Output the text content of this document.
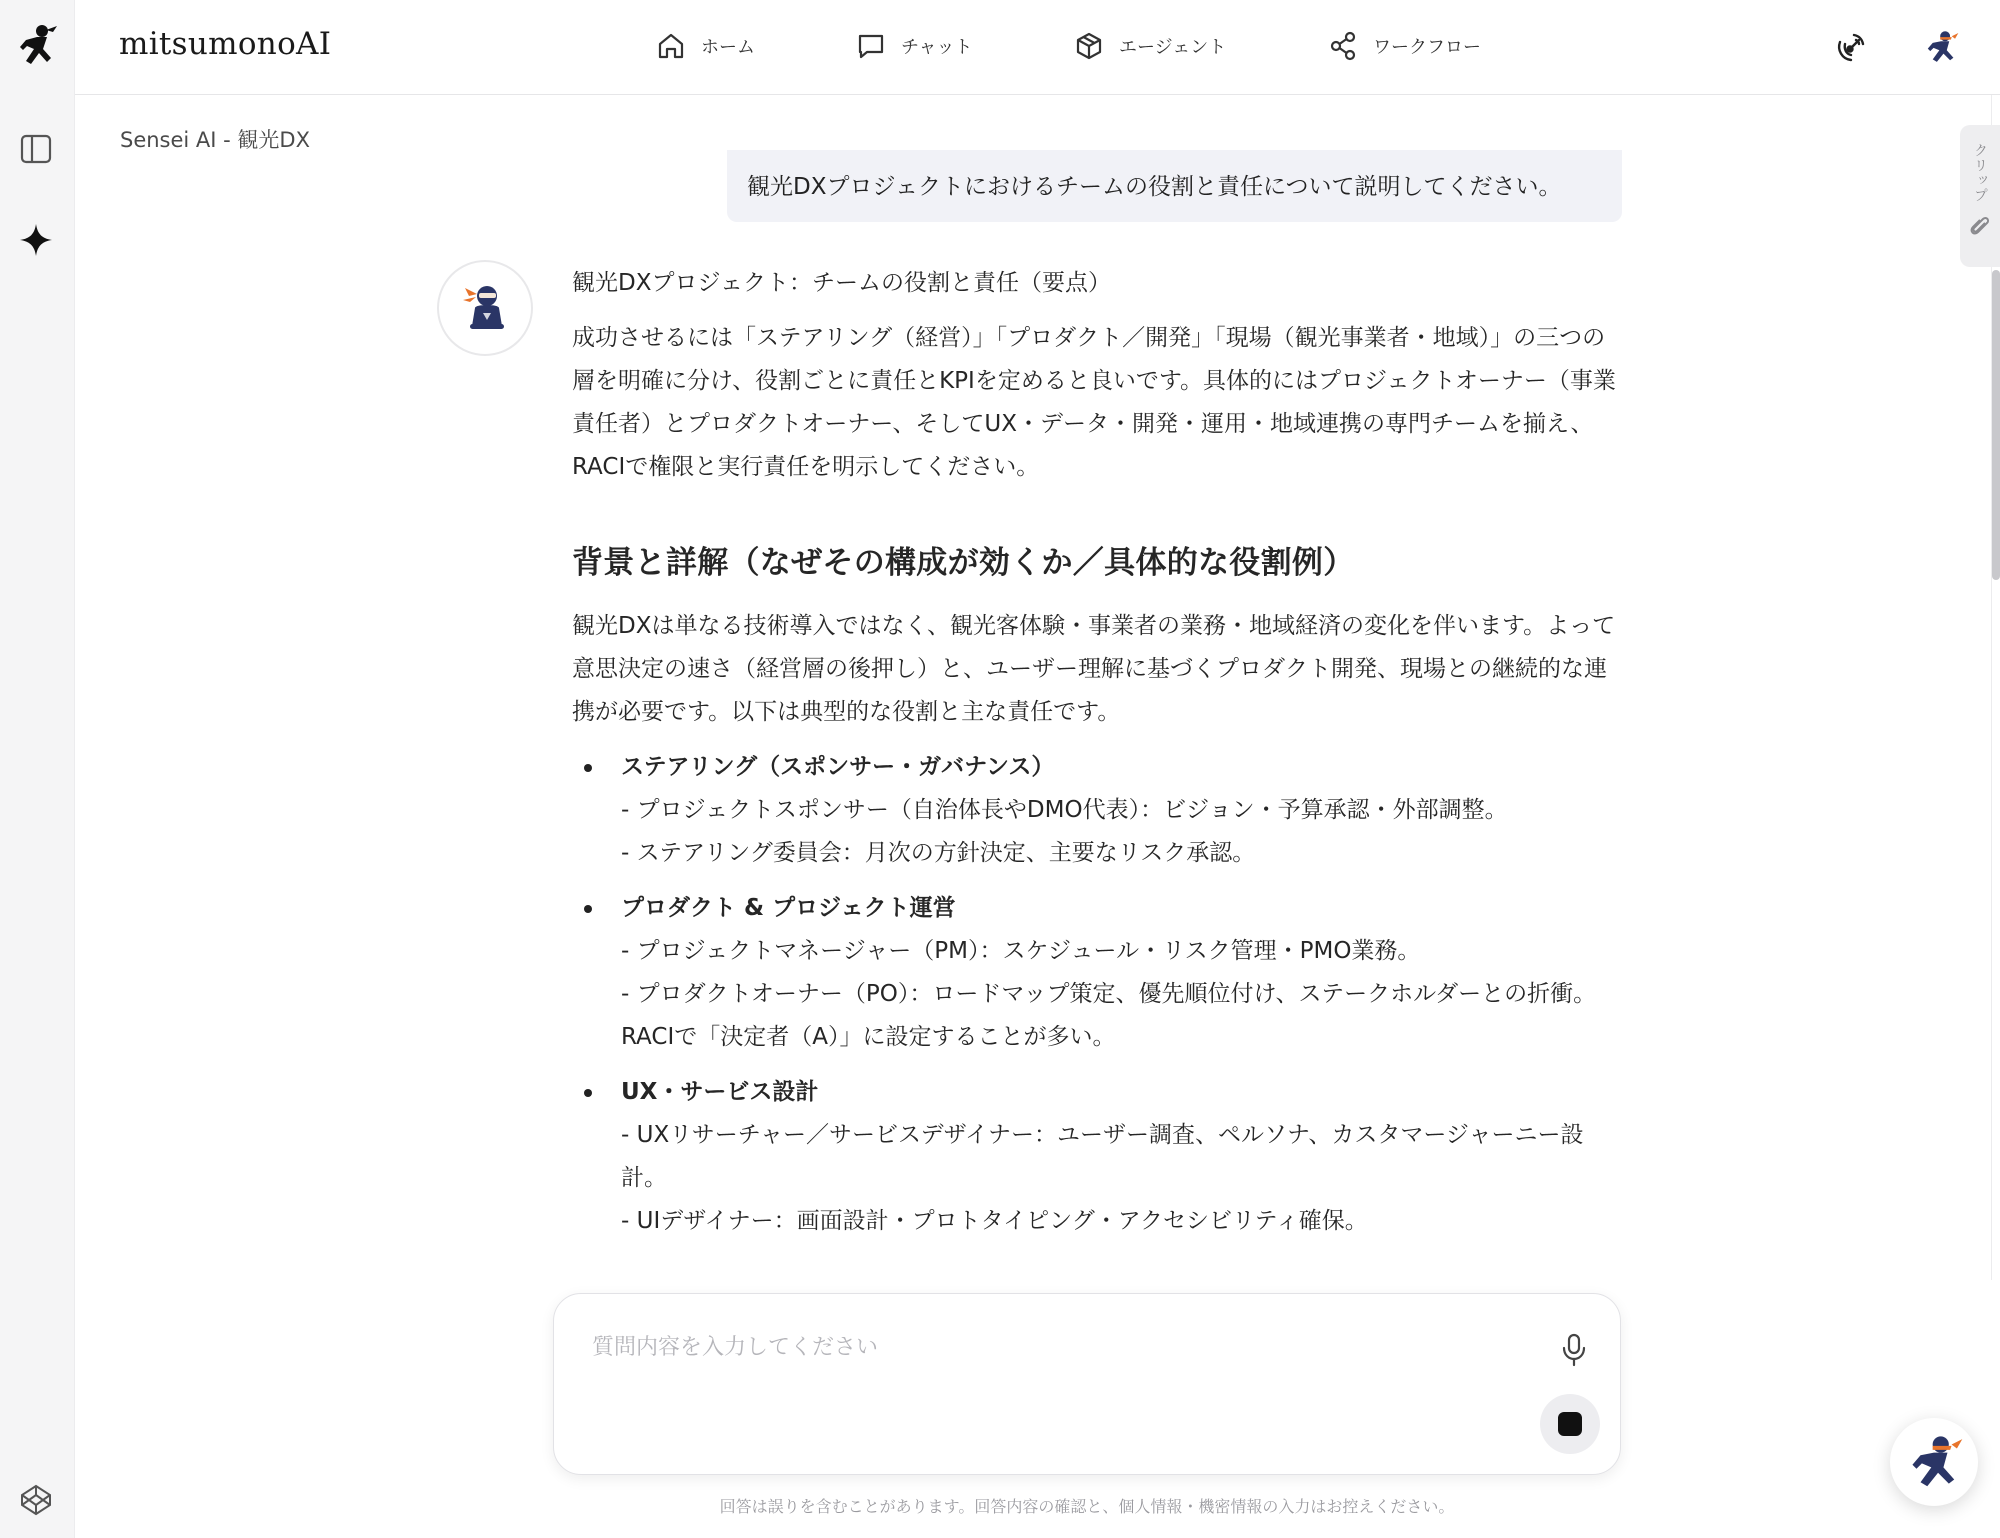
mitsumonoAI	ホーム	チャット	エージェント	ワークフロー
Sensei AI - 観光DX
観光DXプロジェクトにおけるチームの役割と責任について説明してください。
観光DXプロジェクト：チームの役割と責任（要点）

成功させるには「ステアリング（経営）」「プロダクト／開発」「現場（観光事業者・地域）」の三つの層を明確に分け、役割ごとに責任とKPIを定めると良いです。具体的にはプロジェクトオーナー（事業責任者）とプロダクトオーナー、そしてUX・データ・開発・運用・地域連携の専門チームを揃え、RACIで権限と実行責任を明示してください。

背景と詳解（なぜその構成が効くか／具体的な役割例）

観光DXは単なる技術導入ではなく、観光客体験・事業者の業務・地域経済の変化を伴います。よって意思決定の速さ（経営層の後押し）と、ユーザー理解に基づくプロダクト開発、現場との継続的な連携が必要です。以下は典型的な役割と主な責任です。

ステアリング（スポンサー・ガバナンス）
- プロジェクトスポンサー（自治体長やDMO代表）：ビジョン・予算承認・外部調整。
- ステアリング委員会：月次の方針決定、主要なリスク承認。
プロダクト & プロジェクト運営
- プロジェクトマネージャー（PM）：スケジュール・リスク管理・PMO業務。
- プロダクトオーナー（PO）：ロードマップ策定、優先順位付け、ステークホルダーとの折衝。RACIで「決定者（A）」に設定することが多い。
UX・サービス設計
- UXリサーチャー／サービスデザイナー：ユーザー調査、ペルソナ、カスタマージャーニー設計。
- UIデザイナー：画面設計・プロトタイピング・アクセシビリティ確保。
クリップ
質問内容を入力してください
回答は誤りを含むことがあります。回答内容の確認と、個人情報・機密情報の入力はお控えください。
